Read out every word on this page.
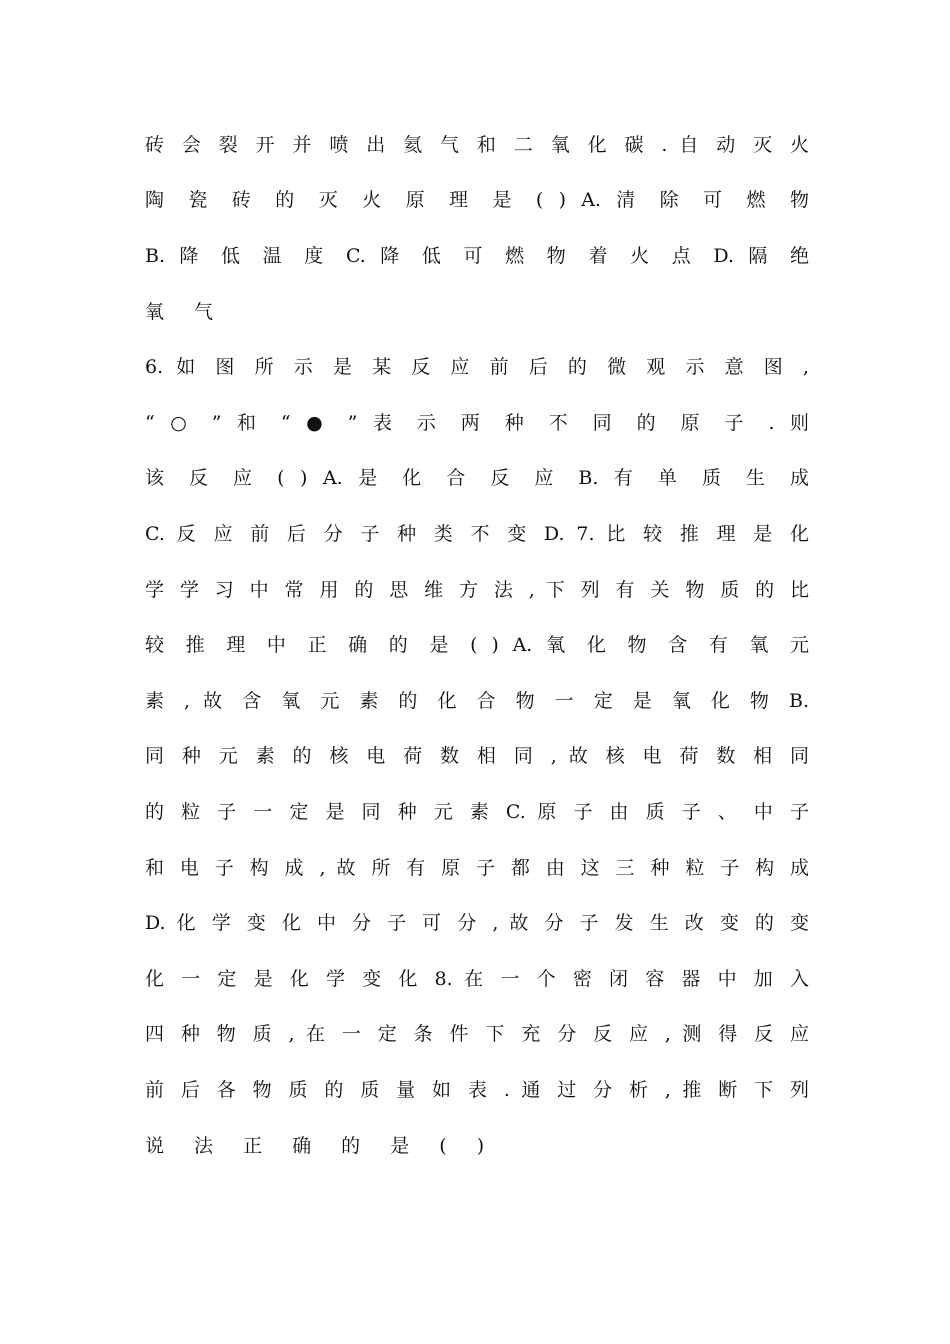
砖 会 裂 开 并 喷 出 氦 气 和 二 氧 化 碳 . 自 动 灭 火
陶 瓷 砖 的 灭 火 原 理 是 ( ) A. 清 除 可 燃 物
B. 降 低 温 度 C. 降 低 可 燃 物 着 火 点 D. 隔 绝
氧 气
6. 如 图 所 示 是 某 反 应 前 后 的 微 观 示 意 图 ,
“ ○ ” 和 “ ● ” 表 示 两 种 不 同 的 原 子 . 则
该 反 应 ( ) A. 是 化 合 反 应 B. 有 单 质 生 成
C. 反 应 前 后 分 子 种 类 不 变 D. 7. 比 较 推 理 是 化
学 学 习 中 常 用 的 思 维 方 法 , 下 列 有 关 物 质 的 比
较 推 理 中 正 确 的 是 ( ) A. 氧 化 物 含 有 氧 元
素 , 故 含 氧 元 素 的 化 合 物 一 定 是 氧 化 物 B.
同 种 元 素 的 核 电 荷 数 相 同 , 故 核 电 荷 数 相 同
的 粒 子 一 定 是 同 种 元 素 C. 原 子 由 质 子 、 中 子
和 电 子 构 成 , 故 所 有 原 子 都 由 这 三 种 粒 子 构 成
D. 化 学 变 化 中 分 子 可 分 , 故 分 子 发 生 改 变 的 变
化 一 定 是 化 学 变 化 8. 在 一 个 密 闭 容 器 中 加 入
四 种 物 质 , 在 一 定 条 件 下 充 分 反 应 , 测 得 反 应
前 后 各 物 质 的 质 量 如 表 . 通 过 分 析 , 推 断 下 列
说 法 正 确 的 是 ( )
